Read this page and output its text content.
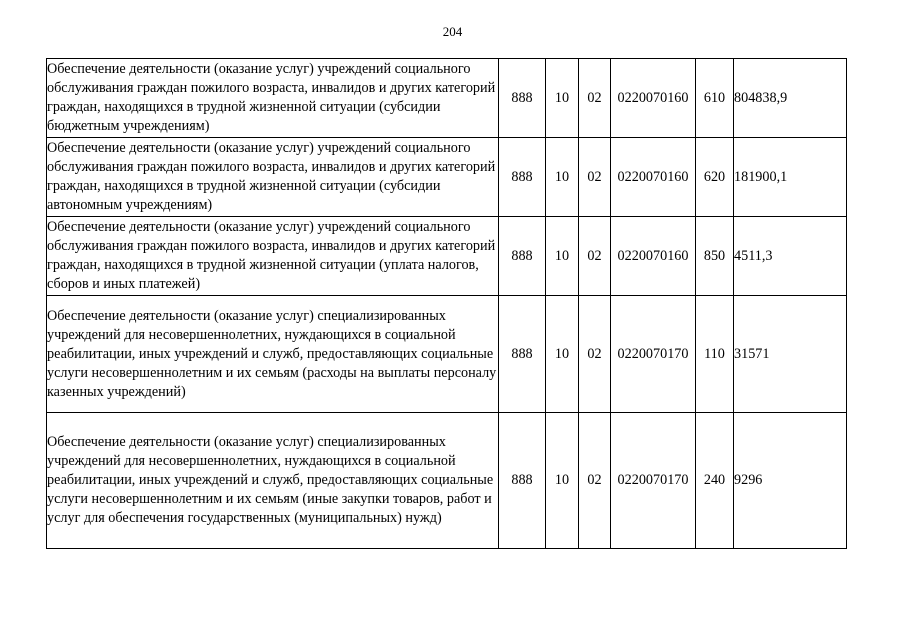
204
Обеспечение деятельности (оказание услуг) учреждений социального обслуживания граждан пожилого возраста, инвалидов и других категорий граждан, находящихся в трудной жизненной ситуации (субсидии бюджетным учреждениям)	888	10	02	0220070160	610	804838,9
Обеспечение деятельности (оказание услуг) учреждений социального обслуживания граждан пожилого возраста, инвалидов и других категорий граждан, находящихся в трудной жизненной ситуации (субсидии автономным учреждениям)	888	10	02	0220070160	620	181900,1
Обеспечение деятельности (оказание услуг) учреждений социального обслуживания граждан пожилого возраста, инвалидов и других категорий граждан, находящихся в трудной жизненной ситуации (уплата налогов, сборов и иных платежей)	888	10	02	0220070160	850	4511,3
Обеспечение деятельности (оказание услуг) специализированных учреждений для несовершеннолетних, нуждающихся в социальной реабилитации, иных учреждений и служб, предоставляющих социальные услуги несовершеннолетним и их семьям (расходы на выплаты персоналу казенных учреждений)	888	10	02	0220070170	110	31571
Обеспечение деятельности (оказание услуг) специализированных учреждений для несовершеннолетних, нуждающихся в социальной реабилитации, иных учреждений и служб, предоставляющих социальные услуги несовершеннолетним и их семьям (иные закупки товаров, работ и услуг для обеспечения государственных (муниципальных) нужд)	888	10	02	0220070170	240	9296
